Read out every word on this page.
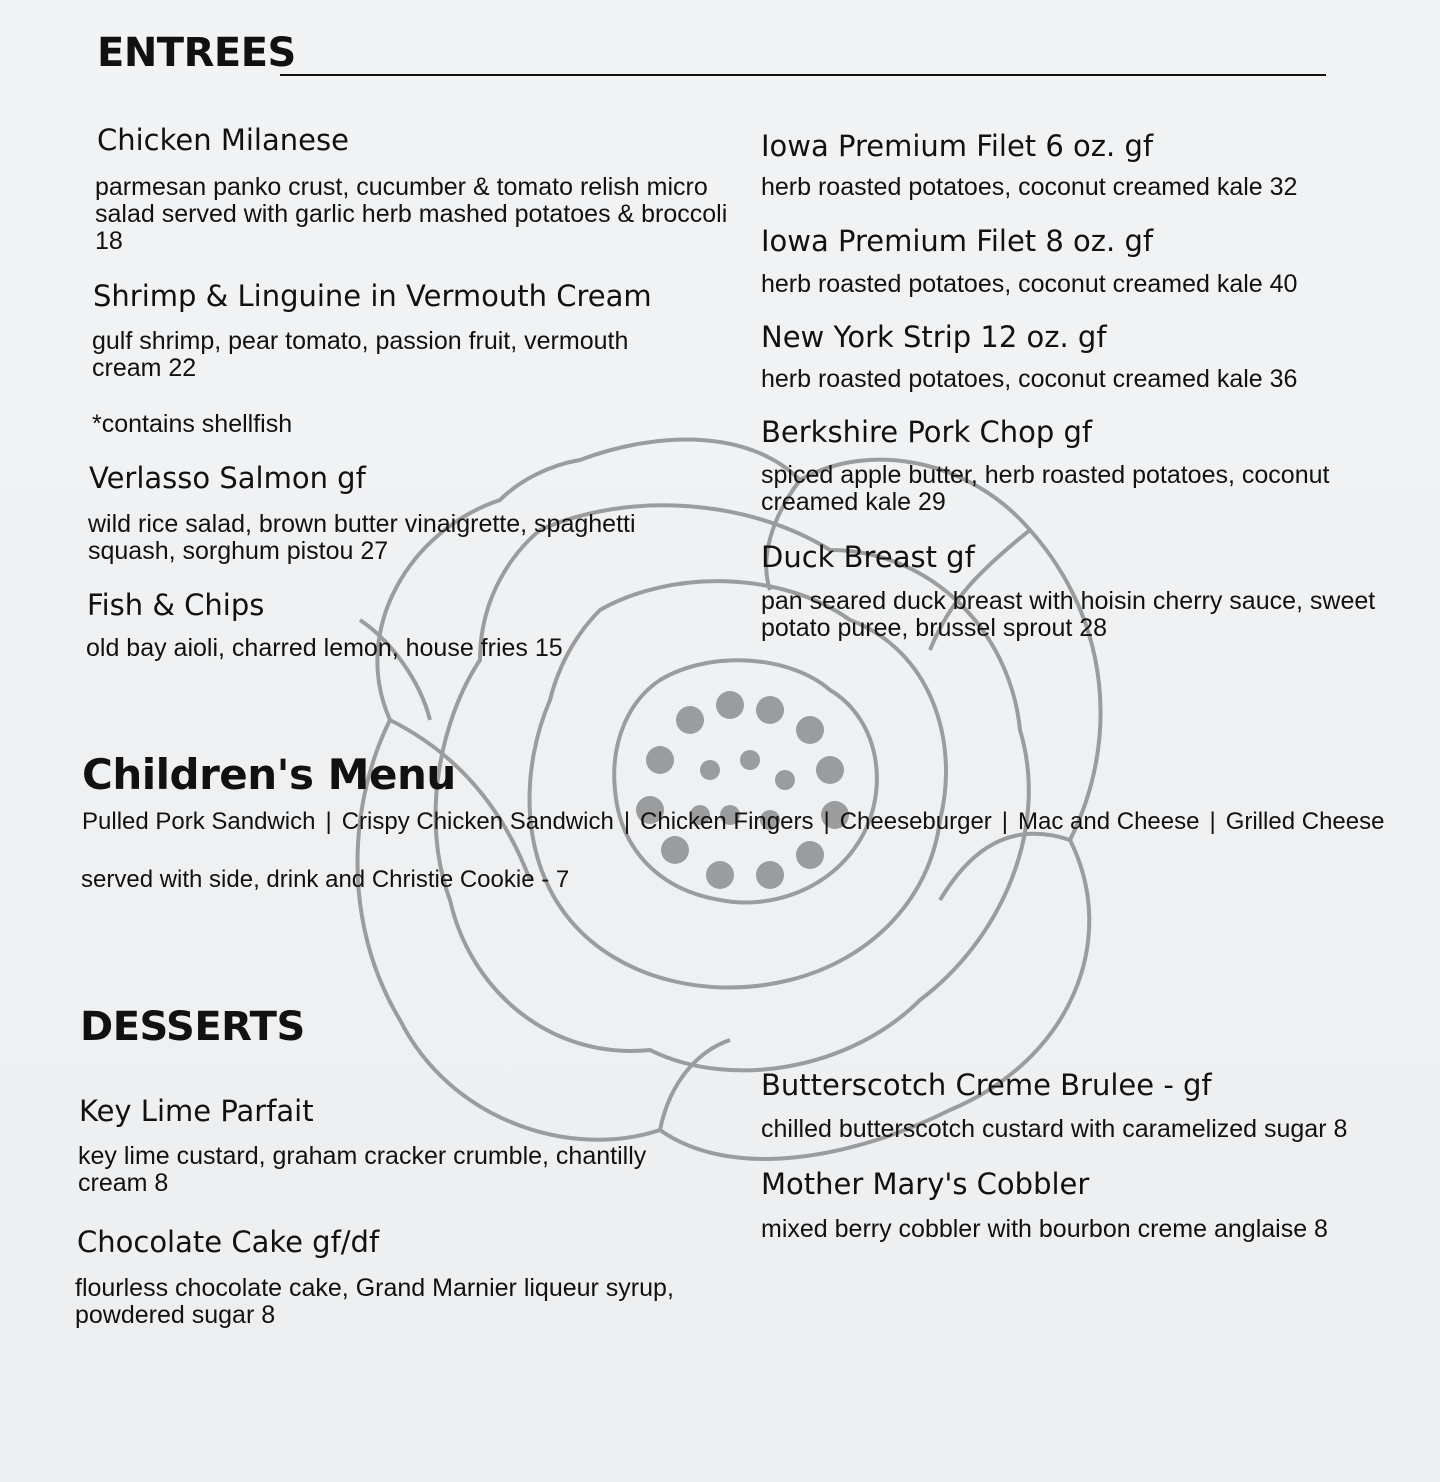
ENTREES
Chicken Milanese
parmesan panko crust, cucumber & tomato relish micro salad served with garlic herb mashed potatoes & broccoli 18
Shrimp & Linguine in Vermouth Cream
gulf shrimp, pear tomato, passion fruit, vermouth cream 22
*contains shellfish
Verlasso Salmon gf
wild rice salad, brown butter vinaigrette, spaghetti squash, sorghum pistou 27
Fish & Chips
old bay aioli, charred lemon, house fries 15
Iowa Premium Filet 6 oz. gf
herb roasted potatoes, coconut creamed kale 32
Iowa Premium Filet 8 oz. gf
herb roasted potatoes, coconut creamed kale 40
New York Strip 12 oz. gf
herb roasted potatoes, coconut creamed kale 36
Berkshire Pork Chop gf
spiced apple butter, herb roasted potatoes, coconut creamed kale 29
Duck Breast gf
pan seared duck breast with hoisin cherry sauce, sweet potato puree, brussel sprout 28
Children's Menu
Pulled Pork Sandwich | Crispy Chicken Sandwich | Chicken Fingers | Cheeseburger | Mac and Cheese | Grilled Cheese
served with side, drink and Christie Cookie - 7
DESSERTS
Key Lime Parfait
key lime custard, graham cracker crumble, chantilly cream 8
Chocolate Cake gf/df
flourless chocolate cake, Grand Marnier liqueur syrup, powdered sugar 8
Butterscotch Creme Brulee - gf
chilled butterscotch custard with caramelized sugar 8
Mother Mary's Cobbler
mixed berry cobbler with bourbon creme anglaise 8
